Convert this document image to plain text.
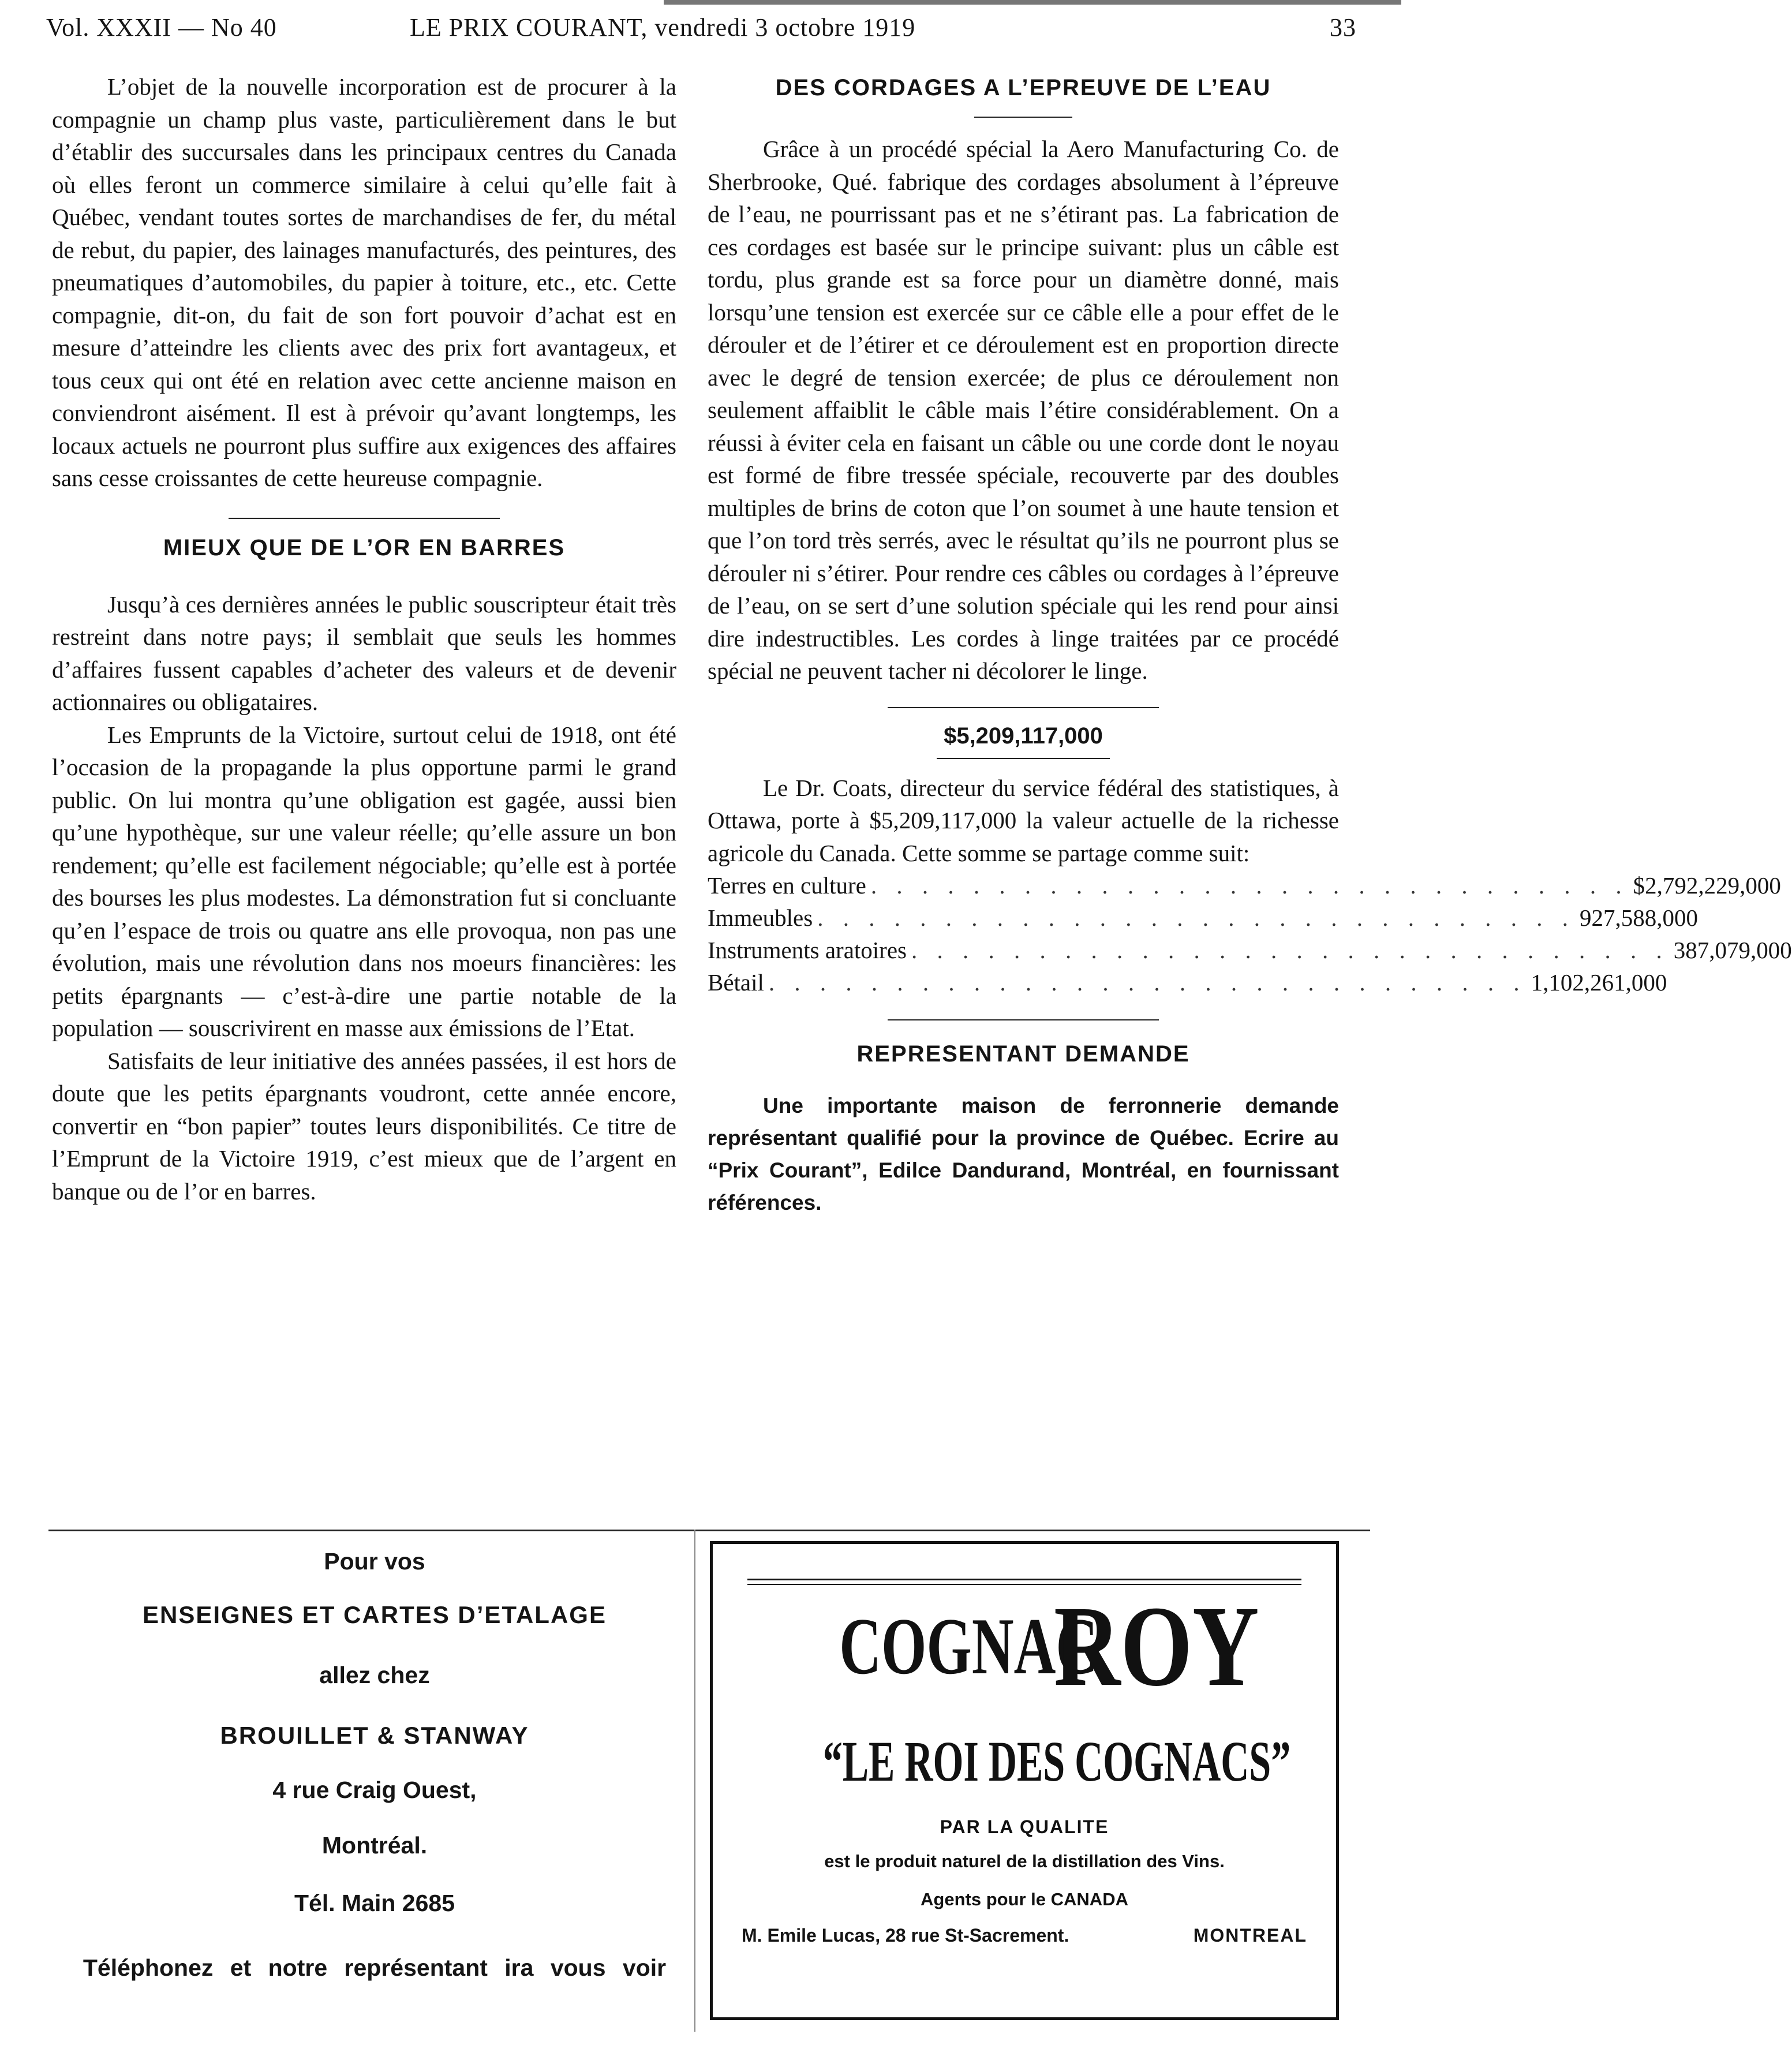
Vol. XXXII — No 40	LE PRIX COURANT, vendredi 3 octobre 1919	33

L’objet de la nouvelle incorporation est de procurer à la compagnie un champ plus vaste, particulièrement dans le but d’établir des succursales dans les principaux centres du Canada où elles feront un commerce similaire à celui qu’elle fait à Québec, vendant toutes sortes de marchandises de fer, du métal de rebut, du papier, des lainages manufacturés, des peintures, des pneumatiques d’automobiles, du papier à toiture, etc., etc. Cette compagnie, dit-on, du fait de son fort pouvoir d’achat est en mesure d’atteindre les clients avec des prix fort avantageux, et tous ceux qui ont été en relation avec cette ancienne maison en conviendront aisément. Il est à prévoir qu’avant longtemps, les locaux actuels ne pourront plus suffire aux exigences des affaires sans cesse croissantes de cette heureuse compagnie.

MIEUX QUE DE L’OR EN BARRES

Jusqu’à ces dernières années le public souscripteur était très restreint dans notre pays; il semblait que seuls les hommes d’affaires fussent capables d’acheter des valeurs et de devenir actionnaires ou obligataires.

Les Emprunts de la Victoire, surtout celui de 1918, ont été l’occasion de la propagande la plus opportune parmi le grand public. On lui montra qu’une obligation est gagée, aussi bien qu’une hypothèque, sur une valeur réelle; qu’elle assure un bon rendement; qu’elle est facilement négociable; qu’elle est à portée des bourses les plus modestes. La démonstration fut si concluante qu’en l’espace de trois ou quatre ans elle provoqua, non pas une évolution, mais une révolution dans nos moeurs financières: les petits épargnants — c’est-à-dire une partie notable de la population — souscrivirent en masse aux émissions de l’Etat.

Satisfaits de leur initiative des années passées, il est hors de doute que les petits épargnants voudront, cette année encore, convertir en “bon papier” toutes leurs disponibilités. Ce titre de l’Emprunt de la Victoire 1919, c’est mieux que de l’argent en banque ou de l’or en barres.

DES CORDAGES A L’EPREUVE DE L’EAU

Grâce à un procédé spécial la Aero Manufacturing Co. de Sherbrooke, Qué. fabrique des cordages absolument à l’épreuve de l’eau, ne pourrissant pas et ne s’étirant pas. La fabrication de ces cordages est basée sur le principe suivant: plus un câble est tordu, plus grande est sa force pour un diamètre donné, mais lorsqu’une tension est exercée sur ce câble elle a pour effet de le dérouler et de l’étirer et ce déroulement est en proportion directe avec le degré de tension exercée; de plus ce déroulement non seulement affaiblit le câble mais l’étire considérablement. On a réussi à éviter cela en faisant un câble ou une corde dont le noyau est formé de fibre tressée spéciale, recouverte par des doubles multiples de brins de coton que l’on soumet à une haute tension et que l’on tord très serrés, avec le résultat qu’ils ne pourront plus se dérouler ni s’étirer. Pour rendre ces câbles ou cordages à l’épreuve de l’eau, on se sert d’une solution spéciale qui les rend pour ainsi dire indestructibles. Les cordes à linge traitées par ce procédé spécial ne peuvent tacher ni décolorer le linge.

$5,209,117,000

Le Dr. Coats, directeur du service fédéral des statistiques, à Ottawa, porte à $5,209,117,000 la valeur actuelle de la richesse agricole du Canada. Cette somme se partage comme suit:

Terres en culture . . . . . . . . . . . . . . . . . . . . . . . . . . . . . . $2,792,229,000
Immeubles . . . . . . . . . . . . . . . . . . . . . . . . . . . . . . 927,588,000
Instruments aratoires . . . . . . . . . . . . . . . . . . . . . . . . . . . . . . 387,079,000
Bétail . . . . . . . . . . . . . . . . . . . . . . . . . . . . . . 1,102,261,000
REPRESENTANT DEMANDE

Une importante maison de ferronnerie demande représentant qualifié pour la province de Québec. Ecrire au “Prix Courant”, Edilce Dandurand, Montréal, en fournissant références.

Pour vos
ENSEIGNES ET CARTES D’ETALAGE
allez chez
BROUILLET & STANWAY
4 rue Craig Ouest,
Montréal.
Tél. Main 2685
Téléphonez et notre représentant ira vous voir
COGNAC ROY
“LE ROI DES COGNACS”
PAR LA QUALITE
est le produit naturel de la distillation des Vins.
Agents pour le CANADA
M. Emile Lucas, 28 rue St-Sacrement.	MONTREAL
